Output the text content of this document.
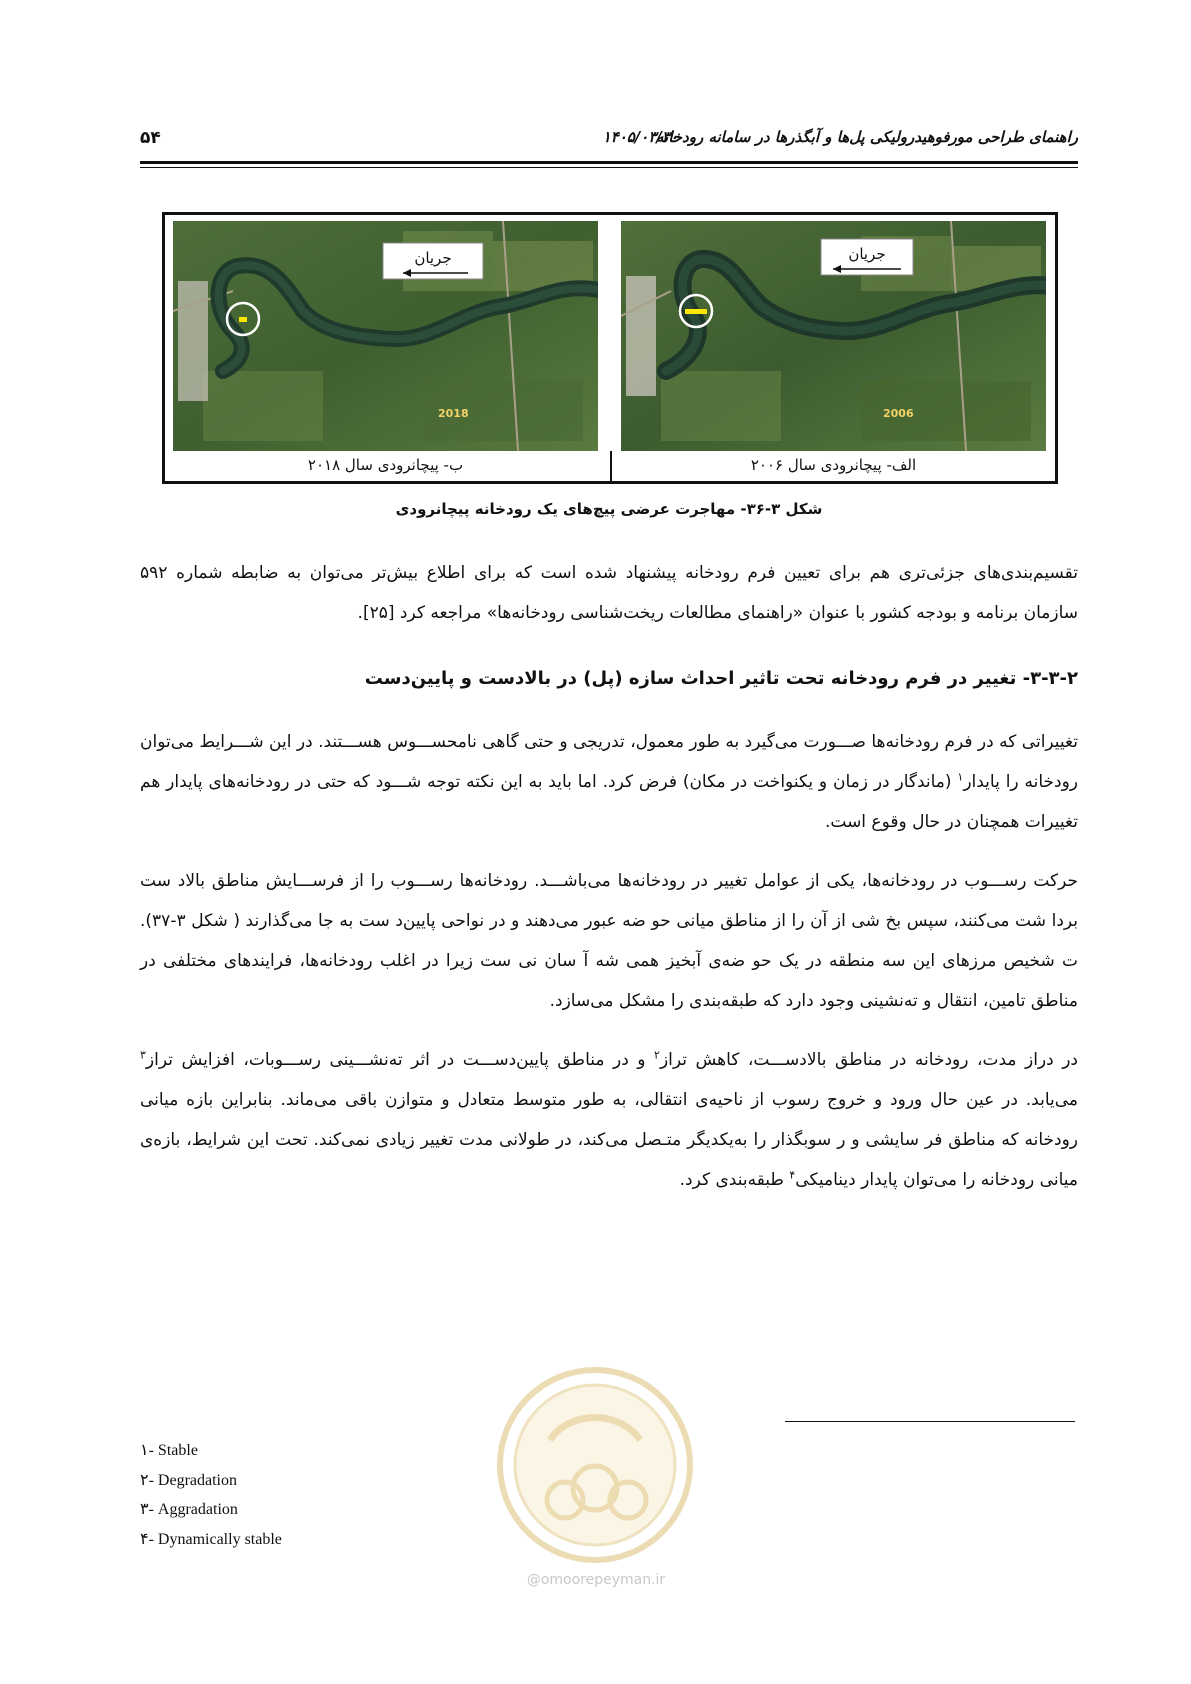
۵۴	۱۴۰۵/۰۳/۳۰
راهنمای طراحی مورفوهیدرولیکی پل‌ها و آبگذرها در سامانه رودخانه
جریان
2018
جریان
2006
ب- پیچانرودی سال ۲۰۱۸	الف- پیچانرودی سال ۲۰۰۶
شکل ۳-۳۶- مهاجرت عرضی پیچ‌های یک رودخانه پیچانرودی
تقسیم‌بندی‌های جزئی‌تری هم برای تعیین فرم رودخانه پیشنهاد شده است که برای اطلاع بیش‌تر می‌توان به ضابطه شماره ۵۹۲ سازمان برنامه و بودجه کشور با عنوان «راهنمای مطالعات ریخت‌شناسی رودخانه‌ها» مراجعه کرد [۲۵].
۳-۳-۲- تغییر در فرم رودخانه تحت تاثیر احداث سازه (پل) در بالادست و پایین‌دست
تغییراتی که در فرم رودخانه‌ها صـــورت می‌گیرد به طور معمول، تدریجی و حتی گاهی نامحســـوس هســـتند. در این شـــرایط می‌توان رودخانه را پایدار$^۱$ (ماندگار در زمان و یکنواخت در مکان) فرض کرد. اما باید به این نکته توجه شـــود که حتی در رودخانه‌های پایدار هم تغییرات همچنان در حال وقوع است.
حرکت رســـوب در رودخانه‌ها، یکی از عوامل تغییر در رودخانه‌ها می‌باشـــد. رودخانه‌ها رســـوب را از فرســـایش مناطق بالاد ست بردا شت می‌کنند، سپس بخ شی از آن را از مناطق میانی حو ضه عبور می‌دهند و در نواحی پایین‌د ست به جا می‌گذارند ( شکل ۳-۳۷). ت شخیص مرزهای این سه منطقه در یک حو ضه‌ی آبخیز همی شه آ سان نی ست زیرا در اغلب رودخانه‌ها، فرایندهای مختلفی در مناطق تامین، انتقال و ته‌نشینی وجود دارد که طبقه‌بندی را مشکل می‌سازد.
در دراز مدت، رودخانه در مناطق بالادســـت، کاهش تراز$^۲$ و در مناطق پایین‌دســـت در اثر ته‌نشـــینی رســـوبات، افزایش تراز$^۳$ می‌یابد. در عین حال ورود و خروج رسوب از ناحیه‌ی انتقالی، به طور متوسط متعادل و متوازن باقی می‌ماند. بنابراین بازه میانی رودخانه که مناطق فر سایشی و ر سوبگذار را به‌یکدیگر متـصل می‌کند، در طولانی مدت تغییر زیادی نمی‌کند. تحت این شرایط، بازه‌ی میانی رودخانه را می‌توان پایدار دینامیکی$^۴$ طبقه‌بندی کرد.
@omoorepeyman.ir
۱- Stable
۲- Degradation
۳- Aggradation
۴- Dynamically stable
